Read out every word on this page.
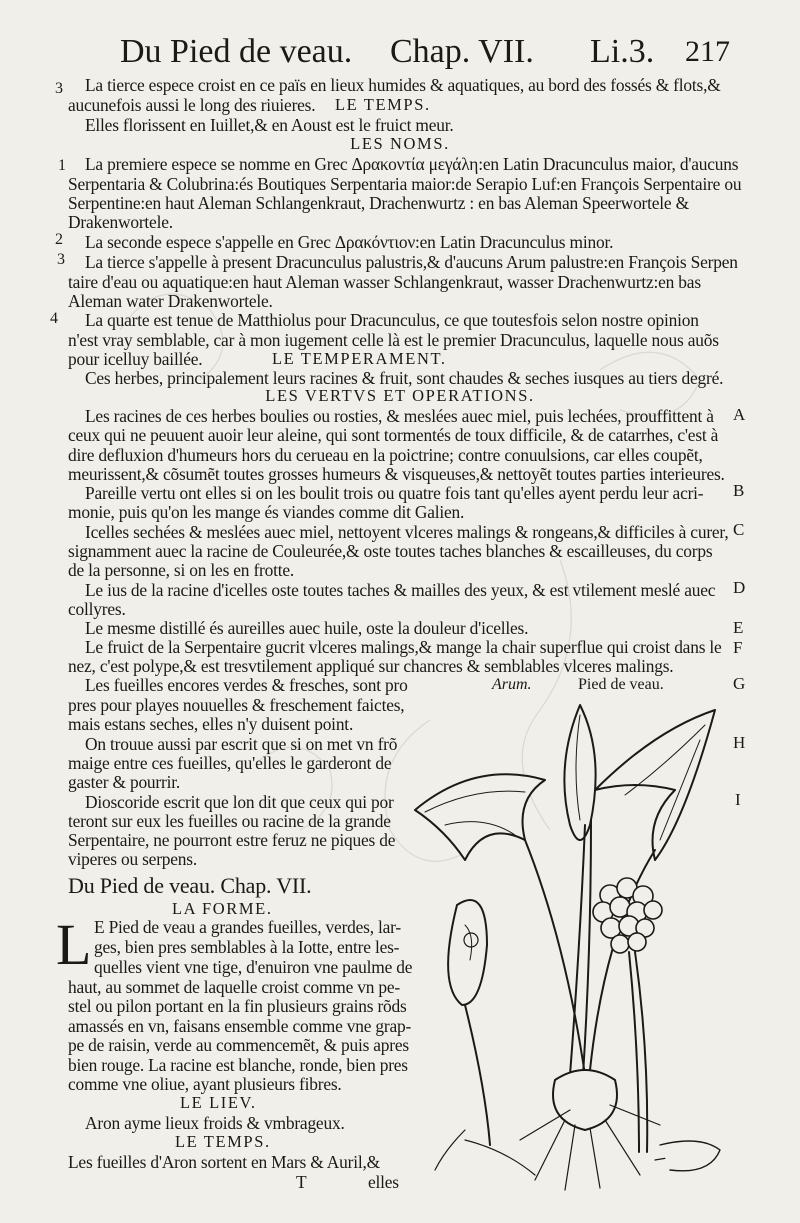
Du Pied de veau. Chap. VII. Li.3. 217
3
1
2
3
4
A
B
C
D
E
F
G
H
I
La tierce espece croist en ce païs en lieux humides & aquatiques, au bord des fossés & flots,&
aucunefois aussi le long des riuieres. LE TEMPS.
Elles florissent en Iuillet,& en Aoust est le fruict meur.
LES NOMS.
La premiere espece se nomme en Grec Δρακοντία μεγάλη:en Latin Dracunculus maior, d'aucuns
Serpentaria & Colubrina:és Boutiques Serpentaria maior:de Serapio Luf:en François Serpentaire ou
Serpentine:en haut Aleman Schlangenkraut, Drachenwurtz : en bas Aleman Speerwortele &
Drakenwortele.
La seconde espece s'appelle en Grec Δρακόντιον:en Latin Dracunculus minor.
La tierce s'appelle à present Dracunculus palustris,& d'aucuns Arum palustre:en François Serpen
taire d'eau ou aquatique:en haut Aleman wasser Schlangenkraut, wasser Drachenwurtz:en bas
Aleman water Drakenwortele.
La quarte est tenue de Matthiolus pour Dracunculus, ce que toutesfois selon nostre opinion
n'est vray semblable, car à mon iugement celle là est le premier Dracunculus, laquelle nous auõs
pour icelluy baillée.	LE TEMPERAMENT.
Ces herbes, principalement leurs racines & fruit, sont chaudes & seches iusques au tiers degré.
LES VERTVS ET OPERATIONS.
Les racines de ces herbes boulies ou rosties, & meslées auec miel, puis lechées, prouffittent à
ceux qui ne peuuent auoir leur aleine, qui sont tormentés de toux difficile, & de catarrhes, c'est à
dire defluxion d'humeurs hors du cerueau en la poictrine; contre conuulsions, car elles coupẽt,
meurissent,& cõsumẽt toutes grosses humeurs & visqueuses,& nettoyẽt toutes parties interieures.
Pareille vertu ont elles si on les boulit trois ou quatre fois tant qu'elles ayent perdu leur acri-
monie, puis qu'on les mange és viandes comme dit Galien.
Icelles sechées & meslées auec miel, nettoyent vlceres malings & rongeans,& difficiles à curer,
signamment auec la racine de Couleurée,& oste toutes taches blanches & escailleuses, du corps
de la personne, si on les en frotte.
Le ius de la racine d'icelles oste toutes taches & mailles des yeux, & est vtilement meslé auec
collyres.
Le mesme distillé és aureilles auec huile, oste la douleur d'icelles.
Le fruict de la Serpentaire gucrit vlceres malings,& mange la chair superflue qui croist dans le
nez, c'est polype,& est tresvtilement appliqué sur chancres & semblables vlceres malings.
Les fueilles encores verdes & fresches, sont pro
pres pour playes nouuelles & freschement faictes,
mais estans seches, elles n'y duisent point.
On trouue aussi par escrit que si on met vn frõ
maige entre ces fueilles, qu'elles le garderont de
gaster & pourrir.
Dioscoride escrit que lon dit que ceux qui por
teront sur eux les fueilles ou racine de la grande
Serpentaire, ne pourront estre feruz ne piques de
viperes ou serpens.
Du Pied de veau. Chap. VII.
LA FORME.
L E Pied de veau a grandes fueilles, verdes, lar-
ges, bien pres semblables à la Iotte, entre les-
quelles vient vne tige, d'enuiron vne paulme de
haut, au sommet de laquelle croist comme vn pe-
stel ou pilon portant en la fin plusieurs grains rõds
amassés en vn, faisans ensemble comme vne grap-
pe de raisin, verde au commencemẽt, & puis apres
bien rouge. La racine est blanche, ronde, bien pres
comme vne oliue, ayant plusieurs fibres.
LE LIEV.
Aron ayme lieux froids & vmbrageux.
LE TEMPS.
Les fueilles d'Aron sortent en Mars & Auril,&
T	elles
Arum.	Pied de veau.
